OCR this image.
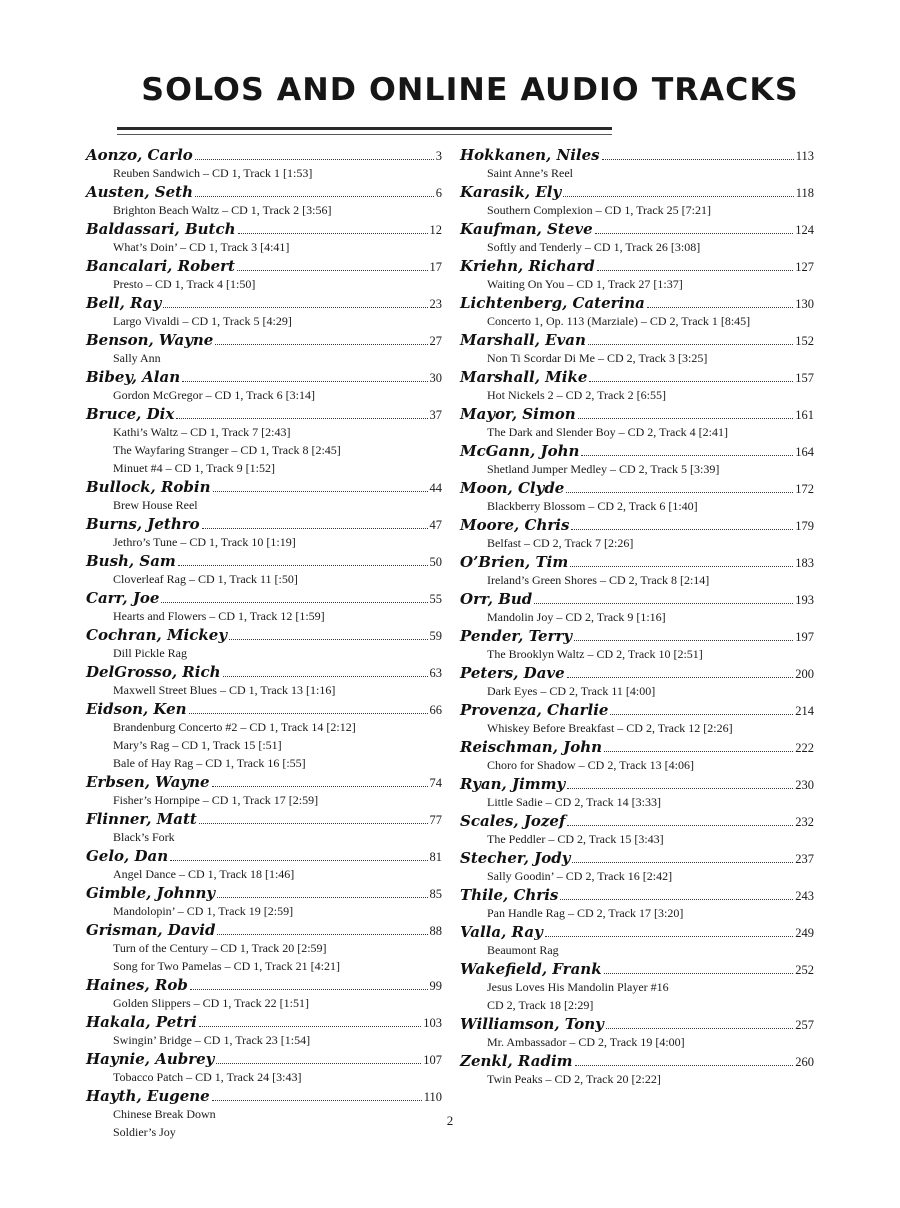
SOLOS AND ONLINE AUDIO TRACKS
Aonzo, Carlo	3
Reuben Sandwich – CD 1, Track 1 [1:53]
Austen, Seth	6
Brighton Beach Waltz – CD 1, Track 2 [3:56]
Baldassari, Butch	12
What’s Doin’ – CD 1, Track 3 [4:41]
Bancalari, Robert	17
Presto – CD 1, Track 4 [1:50]
Bell, Ray	23
Largo Vivaldi – CD 1, Track 5 [4:29]
Benson, Wayne	27
Sally Ann
Bibey, Alan	30
Gordon McGregor – CD 1, Track 6 [3:14]
Bruce, Dix	37
Kathi’s Waltz – CD 1, Track 7 [2:43]
The Wayfaring Stranger – CD 1, Track 8 [2:45]
Minuet #4 – CD 1, Track 9 [1:52]
Bullock, Robin	44
Brew House Reel
Burns, Jethro	47
Jethro’s Tune – CD 1, Track 10 [1:19]
Bush, Sam	50
Cloverleaf Rag – CD 1, Track 11 [:50]
Carr, Joe	55
Hearts and Flowers – CD 1, Track 12 [1:59]
Cochran, Mickey	59
Dill Pickle Rag
DelGrosso, Rich	63
Maxwell Street Blues – CD 1, Track 13 [1:16]
Eidson, Ken	66
Brandenburg Concerto #2 – CD 1, Track 14 [2:12]
Mary’s Rag – CD 1, Track 15 [:51]
Bale of Hay Rag – CD 1, Track 16 [:55]
Erbsen, Wayne	74
Fisher’s Hornpipe – CD 1, Track 17 [2:59]
Flinner, Matt	77
Black’s Fork
Gelo, Dan	81
Angel Dance – CD 1, Track 18 [1:46]
Gimble, Johnny	85
Mandolopin’ – CD 1, Track 19 [2:59]
Grisman, David	88
Turn of the Century – CD 1, Track 20 [2:59]
Song for Two Pamelas – CD 1, Track 21 [4:21]
Haines, Rob	99
Golden Slippers – CD 1, Track 22 [1:51]
Hakala, Petri	103
Swingin’ Bridge – CD 1, Track 23 [1:54]
Haynie, Aubrey	107
Tobacco Patch – CD 1, Track 24 [3:43]
Hayth, Eugene	110
Chinese Break Down
Soldier’s Joy
Hokkanen, Niles	113
Saint Anne’s Reel
Karasik, Ely	118
Southern Complexion – CD 1, Track 25 [7:21]
Kaufman, Steve	124
Softly and Tenderly – CD 1, Track 26 [3:08]
Kriehn, Richard	127
Waiting On You – CD 1, Track 27 [1:37]
Lichtenberg, Caterina	130
Concerto 1, Op. 113 (Marziale) – CD 2, Track 1 [8:45]
Marshall, Evan	152
Non Ti Scordar Di Me – CD 2, Track 3 [3:25]
Marshall, Mike	157
Hot Nickels 2 – CD 2, Track 2 [6:55]
Mayor, Simon	161
The Dark and Slender Boy – CD 2, Track 4 [2:41]
McGann, John	164
Shetland Jumper Medley – CD 2, Track 5 [3:39]
Moon, Clyde	172
Blackberry Blossom – CD 2, Track 6 [1:40]
Moore, Chris	179
Belfast – CD 2, Track 7 [2:26]
O’Brien, Tim	183
Ireland’s Green Shores – CD 2, Track 8 [2:14]
Orr, Bud	193
Mandolin Joy – CD 2, Track 9 [1:16]
Pender, Terry	197
The Brooklyn Waltz – CD 2, Track 10 [2:51]
Peters, Dave	200
Dark Eyes – CD 2, Track 11 [4:00]
Provenza, Charlie	214
Whiskey Before Breakfast – CD 2, Track 12 [2:26]
Reischman, John	222
Choro for Shadow – CD 2, Track 13 [4:06]
Ryan, Jimmy	230
Little Sadie – CD 2, Track 14 [3:33]
Scales, Jozef	232
The Peddler – CD 2, Track 15 [3:43]
Stecher, Jody	237
Sally Goodin’ – CD 2, Track 16 [2:42]
Thile, Chris	243
Pan Handle Rag – CD 2, Track 17 [3:20]
Valla, Ray	249
Beaumont Rag
Wakefield, Frank	252
Jesus Loves His Mandolin Player #16
CD 2, Track 18 [2:29]
Williamson, Tony	257
Mr. Ambassador – CD 2, Track 19 [4:00]
Zenkl, Radim	260
Twin Peaks – CD 2, Track 20 [2:22]
2
